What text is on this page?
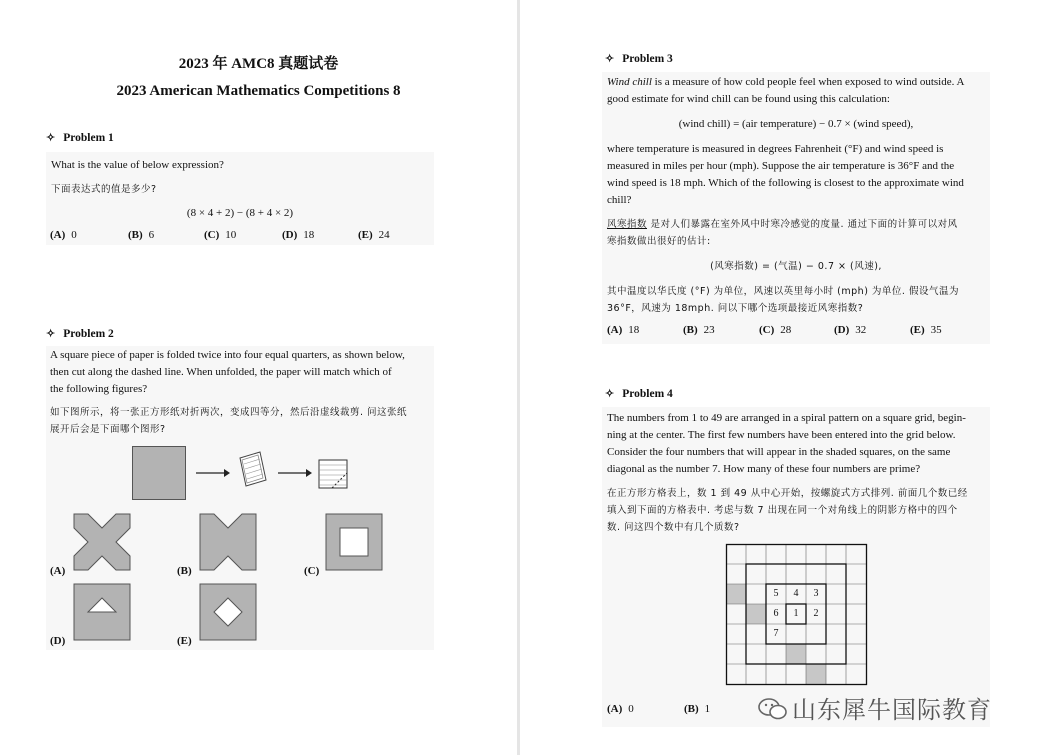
2023 年 AMC8 真题试卷
2023 American Mathematics Competitions 8
✧ Problem 1
What is the value of below expression?
下面表达式的值是多少?
(8 × 4 + 2) − (8 + 4 × 2)
(A) 0	(B) 6	(C) 10	(D) 18	(E) 24
✧ Problem 2
A square piece of paper is folded twice into four equal quarters, as shown below,
then cut along the dashed line. When unfolded, the paper will match which of
the following figures?
如下图所示，将一张正方形纸对折两次，变成四等分，然后沿虚线裁剪. 问这张纸
展开后会是下面哪个图形?
(A)	(B)	(C)
(D)	(E)
✧ Problem 3
Wind chill is a measure of how cold people feel when exposed to wind outside. A
good estimate for wind chill can be found using this calculation:
(wind chill) = (air temperature) − 0.7 × (wind speed),
where temperature is measured in degrees Fahrenheit (°F) and wind speed is
measured in miles per hour (mph). Suppose the air temperature is 36°F and the
wind speed is 18 mph. Which of the following is closest to the approximate wind
chill?
风寒指数 是对人们暴露在室外风中时寒冷感觉的度量. 通过下面的计算可以对风
寒指数做出很好的估计:
(风寒指数) = (气温) − 0.7 × (风速),
其中温度以华氏度 (°F) 为单位，风速以英里每小时 (mph) 为单位. 假设气温为
36°F，风速为 18mph. 问以下哪个选项最接近风寒指数?
(A) 18	(B) 23	(C) 28	(D) 32	(E) 35
✧ Problem 4
The numbers from 1 to 49 are arranged in a spiral pattern on a square grid, begin-
ning at the center. The first few numbers have been entered into the grid below.
Consider the four numbers that will appear in the shaded squares, on the same
diagonal as the number 7. How many of these four numbers are prime?
在正方形方格表上，数 1 到 49 从中心开始，按螺旋式方式排列. 前面几个数已经
填入到下面的方格表中. 考虑与数 7 出现在同一个对角线上的阴影方格中的四个
数. 问这四个数中有几个质数?
5	4	3
6	1	2
7
(A) 0	(B) 1	山东犀牛国际教育
